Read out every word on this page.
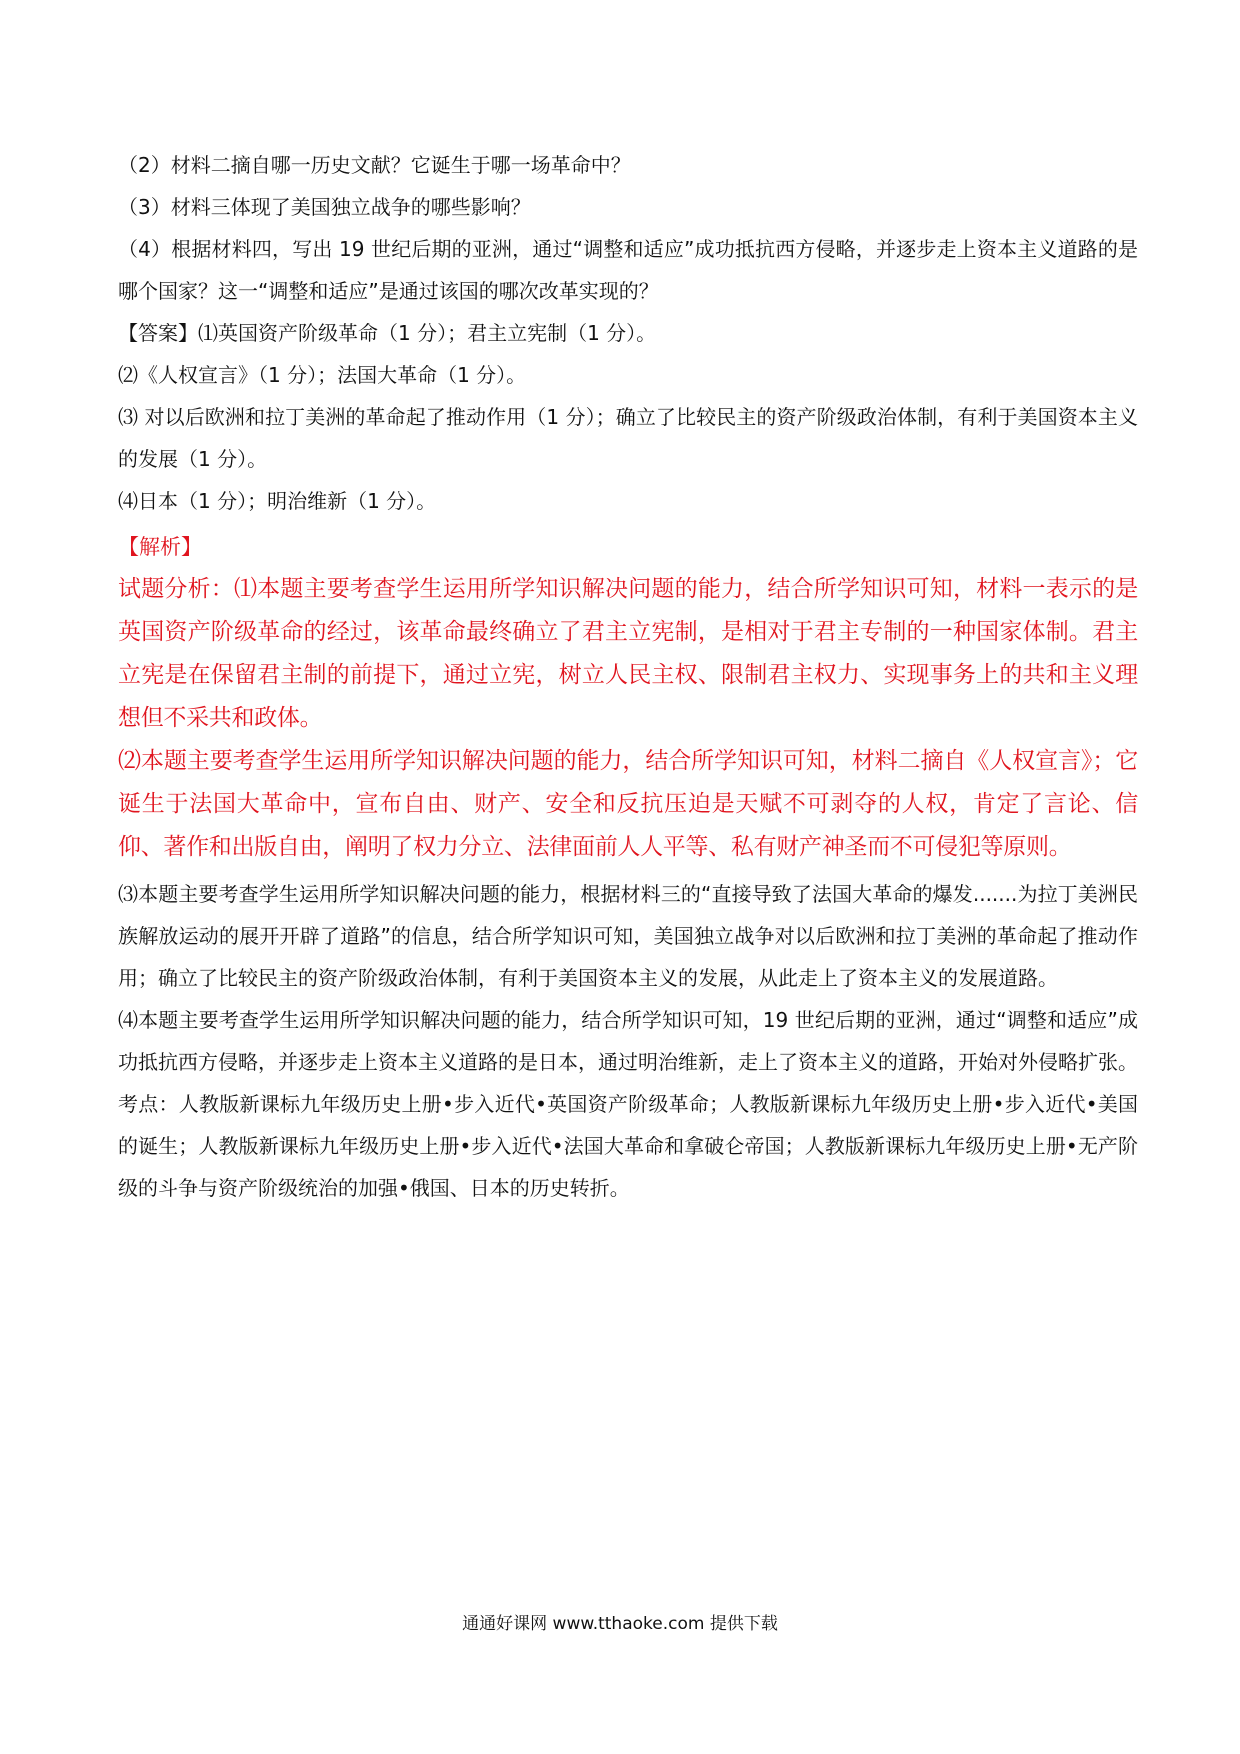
（2）材料二摘自哪一历史文献？它诞生于哪一场革命中？

（3）材料三体现了美国独立战争的哪些影响？

（4）根据材料四，写出 19 世纪后期的亚洲，通过“调整和适应”成功抵抗西方侵略，并逐步走上资本主义道路的是哪个国家？这一“调整和适应”是通过该国的哪次改革实现的？

【答案】⑴英国资产阶级革命（1 分）；君主立宪制（1 分）。

⑵《人权宣言》（1 分）；法国大革命（1 分）。

⑶ 对以后欧洲和拉丁美洲的革命起了推动作用（1 分）；确立了比较民主的资产阶级政治体制，有利于美国资本主义的发展（1 分）。

⑷日本（1 分）；明治维新（1 分）。

【解析】

试题分析：⑴本题主要考查学生运用所学知识解决问题的能力，结合所学知识可知，材料一表示的是英国资产阶级革命的经过，该革命最终确立了君主立宪制，是相对于君主专制的一种国家体制。君主立宪是在保留君主制的前提下，通过立宪，树立人民主权、限制君主权力、实现事务上的共和主义理想但不采共和政体。

⑵本题主要考查学生运用所学知识解决问题的能力，结合所学知识可知，材料二摘自《人权宣言》；它诞生于法国大革命中，宣布自由、财产、安全和反抗压迫是天赋不可剥夺的人权，肯定了言论、信仰、著作和出版自由，阐明了权力分立、法律面前人人平等、私有财产神圣而不可侵犯等原则。

⑶本题主要考查学生运用所学知识解决问题的能力，根据材料三的“直接导致了法国大革命的爆发.......为拉丁美洲民族解放运动的展开开辟了道路”的信息，结合所学知识可知，美国独立战争对以后欧洲和拉丁美洲的革命起了推动作用；确立了比较民主的资产阶级政治体制，有利于美国资本主义的发展，从此走上了资本主义的发展道路。

⑷本题主要考查学生运用所学知识解决问题的能力，结合所学知识可知，19 世纪后期的亚洲，通过“调整和适应”成功抵抗西方侵略，并逐步走上资本主义道路的是日本，通过明治维新，走上了资本主义的道路，开始对外侵略扩张。

考点：人教版新课标九年级历史上册•步入近代•英国资产阶级革命；人教版新课标九年级历史上册•步入近代•美国的诞生；人教版新课标九年级历史上册•步入近代•法国大革命和拿破仑帝国；人教版新课标九年级历史上册•无产阶级的斗争与资产阶级统治的加强•俄国、日本的历史转折。

通通好课网 www.tthaoke.com 提供下载
